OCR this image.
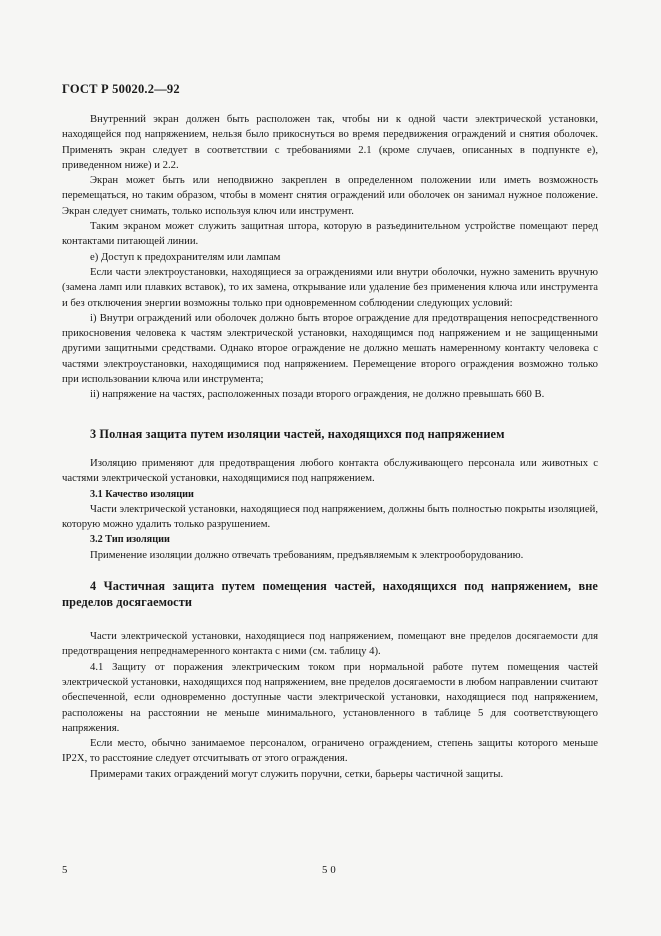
ГОСТ Р 50020.2—92

Внутренний экран должен быть расположен так, чтобы ни к одной части электрической установки, находящейся под напряжением, нельзя было прикоснуться во время передвижения ограждений и снятия оболочек. Применять экран следует в соответствии с требованиями 2.1 (кроме случаев, описанных в подпункте е), приведенном ниже) и 2.2.

Экран может быть или неподвижно закреплен в определенном положении или иметь возможность перемещаться, но таким образом, чтобы в момент снятия ограждений или оболочек он занимал нужное положение. Экран следует снимать, только используя ключ или инструмент.

Таким экраном может служить защитная штора, которую в разъединительном устройстве помещают перед контактами питающей линии.

е) Доступ к предохранителям или лампам

Если части электроустановки, находящиеся за ограждениями или внутри оболочки, нужно заменить вручную (замена ламп или плавких вставок), то их замена, открывание или удаление без применения ключа или инструмента и без отключения энергии возможны только при одновременном соблюдении следующих условий:

i) Внутри ограждений или оболочек должно быть второе ограждение для предотвращения непосредственного прикосновения человека к частям электрической установки, находящимся под напряжением и не защищенными другими защитными средствами. Однако второе ограждение не должно мешать намеренному контакту человека с частями электроустановки, находящимися под напряжением. Перемещение второго ограждения возможно только при использовании ключа или инструмента;

ii) напряжение на частях, расположенных позади второго ограждения, не должно превышать 660 В.

3 Полная защита путем изоляции частей, находящихся под напряжением

Изоляцию применяют для предотвращения любого контакта обслуживающего персонала или животных с частями электрической установки, находящимися под напряжением.

3.1 Качество изоляции

Части электрической установки, находящиеся под напряжением, должны быть полностью покрыты изоляцией, которую можно удалить только разрушением.

3.2 Тип изоляции

Применение изоляции должно отвечать требованиям, предъявляемым к электрооборудованию.

4 Частичная защита путем помещения частей, находящихся под напряжением, вне пределов досягаемости

Части электрической установки, находящиеся под напряжением, помещают вне пределов досягаемости для предотвращения непреднамеренного контакта с ними (см. таблицу 4).

4.1 Защиту от поражения электрическим током при нормальной работе путем помещения частей электрической установки, находящихся под напряжением, вне пределов досягаемости в любом направлении считают обеспеченной, если одновременно доступные части электрической установки, находящиеся под напряжением, расположены на расстоянии не меньше минимального, установленного в таблице 5 для соответствующего напряжения.

Если место, обычно занимаемое персоналом, ограничено ограждением, степень защиты которого меньше IP2X, то расстояние следует отсчитывать от этого ограждения.

Примерами таких ограждений могут служить поручни, сетки, барьеры частичной защиты.

5	50
